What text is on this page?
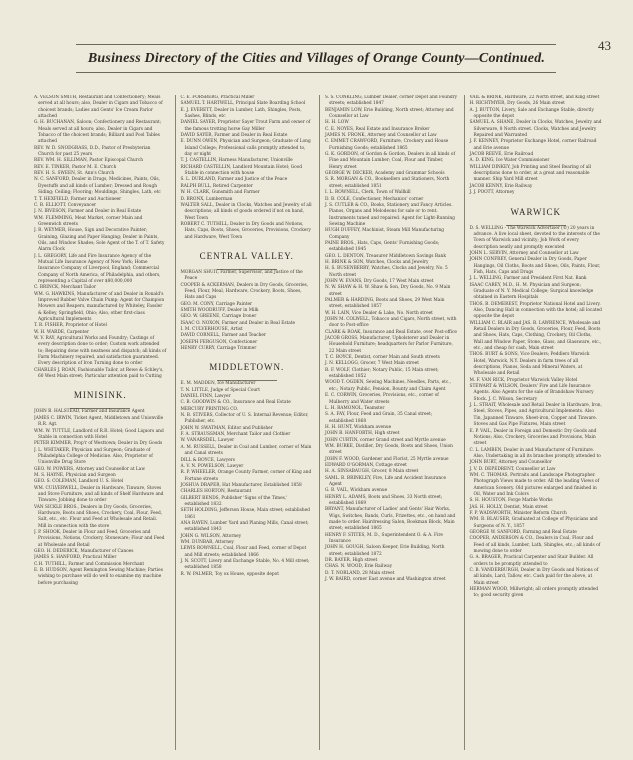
43
Business Directory of the Cities and Villages of Orange County—Continued.

A. VELSON SMITH, Restaurant and Confectionery; Meals served at all hours; also, Dealer in Cigars and Tobacco of choicest brands; Ladies and Gents' Ice Cream Parlor attached

G. H. BUCHANAN, Saloon; Confectionery and Restaurant; Meals served at all hours; also, Dealer in Cigars and Tobacco of the choicest brands; Billiard and Pool Tables attached

REV. W. D. SNODGRASS, D.D., Pastor of Presbyterian Church for past 25 years

REV. WM. H. SILLIMAN, Pastor Episcopal Church

REV. E. TINKER, Pastor M. E. Church

REV. H. S. SWEEN, St. Ann's Church

N. C. SANFORD, Dealer in Drugs, Medicines, Paints, Oils, Dyestuffs and all kinds of Lumber; Dressed and Rough Siding; Ceiling; Flooring; Mouldings, Shingles, Lath, etc

T. T. HEXFIELD, Farmer and Auctioneer

C. B. ELLIOTT, Conveyancer

J. N. IRVESON, Farmer and Dealer in Real Estate

WM. FLEMMING, Meat Market, corner Main and Greenwich streets

J. R. WEYMER, House, Sign and Decorative Painter; Graining, Glazing and Paper Hanging; Dealer in Paints, Oils, and Window Shades; Sole Agent of the T. of T. Safety Alarm Clock

J. L. GREGORY, Life and Fire Insurance Agency of the Mutual Life Insurance Agency of New York; Home Insurance Company of Liverpool, England; Commercial Company of North America, of Philadelphia, and others, representing a Capital of over $80,000,000

C. BRINCK, Merchant Tailor

WM. G. HAWKINS, Manufacturer of and Dealer in Ronald's Improved Rubber Valve Chain Pump; Agent for Champion Mowers and Reapers, manufactured by Whiteley, Fassler & Kelley, Springfield, Ohio; Also, other first-class Agricultural Implements

T. R. FISHER, Proprietor of Hotel

W. H. WARDE, Carpenter

W. V. RAY, Agricultural Works and Foundry; Castings of every description done to order; Custom work attended to; Repairing done with neatness and dispatch; all kinds of Farm Machinery repaired, and satisfaction guaranteed. Every description of Iron Turning done to order

CHARLES J. ROAN, Fashionable Tailor, at Rewe & Schley's, 60 West Main street; Particular attention paid to Cutting

MINISINK.

JOHN B. HALSTEAD, Farmer and Insurance Agent

JAMES C. IRWIN, Ticket Agent, Middletown and Unionville R.R. Agt.

WM. W. TUTTLE, Landlord of R.R. Hotel; Good Liquors and Stable in connection with Hotel

PETER KIMMER, Prop'r of Westtown; Dealer in Dry Goods

J. L. WHITAKER, Physician and Surgeon; Graduate of Philadelphia College of Medicine. Also, Proprietor of Unionville Drug Store

GEO. W. POWERS, Attorney and Counsellor at Law

M. S. HAYNE, Physician and Surgeon

GEO. S. COLEMAN, Landlord U. S. Hotel

WM. CULVERWELL, Dealer in Hardware, Tinware, Stoves and Stove Furniture, and all kinds of Shelf Hardware and Tinware; Jobbing done to order

VAN SICKLE BROS., Dealers in Dry Goods, Groceries, Hardware, Boots and Shoes, Crockery, Coal, Flour, Feed, Salt, etc., etc. Flour and Feed at Wholesale and Retail. Mill in connection with the store

J. P. SHOOK, Dealer in Flour and Feed, Groceries and Provisions, Notions, Crockery, Stoneware; Flour and Feed at Wholesale and Retail

GEO. H. DEDERICK, Manufacturer of Canoes

JAMES S. HANFORD, Practical Miller

C.H. TUTHILL, Farmer and Commission Merchant

E. B. HUDSON, Agent Remington Sewing Machine; Parties wishing to purchase will do well to examine my machine before purchasing

C. E. FORSBERG, Practical Miller

SAMUEL T. HARTWELL, Principal Slate Boarding School

E. J. EVERETT, Dealer in Lumber, Lath, Shingles, Posts, Sashes, Blinds, etc

DANIEL SAYER, Proprietor Sayer Trout Farm and owner of the famous trotting horse Gay Miller

DAVID SAYER, Farmer and Dealer in Real Estate

E. DUNN OWEN, Physician and Surgeon; Graduate of Long Island College; Professional calls promptly attended to, day or night

T. J. CASTELLIN, Harness Manufacturer, Unionville

RICHARD CASTELLIN, Landlord Mountain Hotel; Good Stable in connection with house

S. L. DURLAND, Farmer and Justice of the Peace

RALPH BULL, Retired Carpenter

W. H. CLARK, Gunsmith and Farmer

D. BRONX, Lumberman

WALTER SALL, Dealer in Clocks, Watches and Jewelry of all descriptions; all kinds of goods ordered if not on hand, West Town

ROBERT C. TUTHILL, Dealer in Dry Goods and Notions, Hats, Caps, Boots, Shoes, Groceries, Provisions, Crockery and Hardware, West Town

CENTRAL VALLEY.

MORGAN SHUIT, Farmer, Supervisor, and Justice of the Peace

COOPER & ACKERMAN, Dealers in Dry Goods, Groceries, Feed, Flour, Meal, Hardware, Crockery, Boots, Shoes, Hats and Caps

GEO. M. CONY, Carriage Painter

SMITH WOODRUFF, Dealer in Milk

GEO. W. GREENE, Carriage Ironer

ISAAC O. NOXON, Farmer and Dealer in Real Estate

I. M. CULVERHOUSE, Artist

DAVID CORNELL, Farmer and Teacher

JOSEPH FERGUSON, Confectioner

HENRY CURRY, Carriage Trimmer

MIDDLETOWN.

E. M. MADDEN, Ice Manufacturer

T. N. LITTLE, Judge of Special Court

DANIEL FINN, Lawyer

C. B. GOODWIN & CO., Insurance and Real Estate

MERCURY PRINTING CO.

N. B. STIVERS, Collector of U. S. Internal Revenue; Editor, Publisher, etc.

JOHN W. SWATMAN, Editor and Publisher

F. A. STRAUSSMAN, Merchant Tailor and Clothier

W. VANARSDEL, Lawyer

A. M. RUSSELL, Dealer in Coal and Lumber, corner of Main and Canal streets

DILL & BOYCE, Lawyers

A. V. N. POWELSON, Lawyer

R. P. WHEELER, Orange County Farmer, corner of King and Fortune streets

JOSHUA DRAPER, Hat Manufacturer, Established 1858

CHARLES HORTON, Restaurant

GILBERT BENDS, Publisher 'Signs of the Times,' established 1832

SETH HOLDING, Jefferson House, Main street; established 1861

ANA RAYEN, Lumber Yard and Planing Mills, Canal street; established 1843

JOHN G. WILSON, Attorney

WM. DUNBAR, Attorney

LEWIS ROWNELL, Coal, Flour and Feed, corner of Depot and Mill streets; established 1866

J. N. SCOTT, Livery and Exchange Stable, No. 4 Mill street; established 1858

R. W. PALMER, Toy ox House, opposite depot

S. S. CONKLING, Lumber Dealer, corner Depot and Foundry streets; established 1847

BENJAMIN LOW, Erie Building, North street; Attorney and Counsellor at Law

H. H. LOW

C. E. NOYES, Real Estate and Insurance Broker

JAMES N. FRONK, Attorney and Counsellor at Law

C. EMMET CRAWFORD, Furniture, Crockery and House Furnishing Goods; established 1865

G. K. GORDON, of Gordon & Gordon, Dealers in all kinds of Fine and Mountain Lumber; Coal, Flour and Timber, Henry street

GEORGE W. DECKER, Academy and Grammar Schools

S. R. MORGAN & CO., Booksellers and Stationers, North street; established 1851

I. L. ROWNELL, Clerk, Town of Wallkill

D. B. COLE, Confectioner, Mechanics' corner

J. S. CUTLER & CO., Books, Stationery and Fancy Articles. Pianos, Organs and Melodeons for sale or to rent. Instruments tuned and repaired. Agent for Light-Running Sewing Machine

HUGH DUFFEY, Machinist, Steam Mill Manufacturing Company

PAINE BROS., Hats, Caps, Gents' Furnishing Goods; established 1845

GEO. L. DENTON, Treasurer Middletown Savings Bank

H. BRINK & SON, Watches, Clocks and Jewelry

H. S. BUSENBERRY, Watches, Clocks and Jewelry, No. 5 North street

JOHN W. EVANS, Dry Goods, 17 West Main street

N. W. SHAW & H. W. Shaw & Son, Dry Goods, No. 9 Main street

PALMER & HARDING, Boots and Shoes, 29 West Main street; established 1857

W. H. LAIN, Vice Dealer & Lake, No. North street

JOHN M. COLWELL, Tobacco and Cigars, North street, with door to Post-office

CLARK & ROAK, Insurance and Real Estate, over Post-office

JACOB GROSS, Manufacturer, Upholsterer and Dealer in Household Furniture; headquarters for Parlor Furniture, 22 Main street

T. C. BOYCE, Dentist, corner Main and South streets

J. N. KELLOGG, Grocer, 7 West Main street

R. F. WOLF, Clothier; Notary Public, 15 Main street; established 1852

WOOD T. OGDEN, Sewing Machines, Needles, Parts, etc., etc.; Notary Public, Pension, Bounty and Claim Agent

E. C. CORWIN, Groceries, Provisions, etc., corner of Mulberry and Water streets

L. H. RAMONOL, Teamster

S. A. FAY, Flour, Feed and Grain, 35 Canal street; established 1868

H. H. HUNT, Wickham avenue

JOHN B. HANFORTH, High street

JOHN CURTIN, corner Grand street and Myrtle avenue

WM. BURKE, Distiller, Dry Goods, Boots and Shoes, Union street

JOHN F. WOOD, Gardener and Florist, 25 Myrtle avenue

EDWARD O'GORMAN, Cottage street

H. A. SINSABAUGH, Grocer, 8 Main street

SAML. B. BRINKLEY, Fire, Life and Accident Insurance Agent

G. B. VAIL, Wickham avenue

HENRY L. ADAMS, Boots and Shoes, 33 North street; established 1869

BRYANT, Manufacturer of Ladies' and Gents' Hair Works, Wigs, Switches, Bands, Curls, Frizettes, etc., on hand and made to order. Hairdressing Salon, Bookman Block, Main street; established 1865

HENRY F. STITES, M. D., Superintendent O. & A. Fire Insurance

JOHN H. GOUGH, Saloon Keeper, Erie Building, North street; established 1872

DR. BAYER, High street

CHAS. N. WOOD, Erie Railway

D. T. NORLAND, 28 Main street

J. W. BAIRD, corner East avenue and Washington street

VAIL & BRINK, Hardware, 22 North street, and King street

H. RICHTMYER, Dry Goods, 26 Main street

A. J. BUTTON, Livery, Sale and Exchange Stable, directly opposite the depot

SAMUEL A. SHANE, Dealer in Clocks, Watches, Jewelry and Silverware, 8 North street. Clocks, Watches and Jewelry Repaired and Warranted

J. F. KENNEY, Proprietor Exchange Hotel, corner Railroad and Erie avenue

JACOB REEVE, Erie Railroad

A. D. KING, Ice Water Commissioner

WILLIAM DINKEY, Job Printing and Steel Bearing of all descriptions done to order, at a great and reasonable manner. Ship Yard Mill street

JACOB KENNY, Erie Railway

J. J. POOTT, Attorney

WARWICK

D. S. WELLING - The Warwick Advertiser (©) 20 years in advance. A live local sheet, devoted to the interests of the Town of Warwick and vicinity; Job Work of every description neatly and promptly executed

JOHN L. SERVIN, Attorney and Counsellor at Law

JOHN CONFREY, General Dealer in Dry Goods, Paper Hangings, Oil Cloths, Boots and Shoes, Oils, Paints, Flour, Fish, Hats, Caps and Drugs

J. L. WELLING, Farmer and President First Nat. Bank

ISAAC CAREY, M.D., H. M. Physician and Surgeon; Graduate of N. Y. Medical College; Surgical knowledge obtained in Eastern Hospitals

THOS. B. DEMEREST, Proprietor National Hotel and Livery. Also, Dancing Hall in connection with the hotel; all located opposite the depot

WILLIAM C. BLAIR and JAS. B. LAWRENCE, Wholesale and Retail Dealers in Dry Goods, Groceries, Flour, Feed, Boots and Shoes, Hats, Caps, Clothing, Crockery, Oil Cloths, Wall and Window Paper, Stone, Glass, and Glassware, etc., etc.; and cheap for cash, Main street

THOS. BURT & SONS, Vice Dealers; Peddlers Warwick Hotel, Warwick, N.Y. Dealers in farm trees of all descriptions, Pianos, Soda and Mineral Waters, at Wholesale and Retail

M. F. VAN RICK, Proprietor Warwick Valley Hotel

STEWART & WILSON, Dealers' Fire and Life Insurance Agents. Also Agents for the sale of Brandshaw Nursery Stock. J. C. Wilson, Secretary

J. L. STRAIT, Wholesale and Retail Dealer in Hardware, Iron, Steel, Stoves, Pipes, and Agricultural Implements. Also Tin, Japanned Tinware, Sheet-iron, Copper and Tinware. Stoves and Gas Pipe Fixtures, Main street

E. P. VAIL, Dealer in Foreign and Domestic Dry Goods and Notions; Also, Crockery, Groceries and Provisions, Main street

C. L. LAMBEN, Dealer in and Manufacturer of Furniture. Also, Undertaking in all its branches promptly attended to

JOHN BURT, Attorney and Counsellor

J. V. D. DEPEDRENT, Counsellor at Law

WM. C. THOMAS, Portraits and Landscape Photographer. Photograph Views made to order. All the leading Views of American Scenery. Old pictures enlarged and finished in Oil, Water and Ink Colors

S. H. HOUSTON, Forge Marble Works

JAS. H. HOLLY, Dentist, Main street

F. P. WADSWORTH, Minister Reform Church

WM. B. BLAUSER, Graduated at College of Physicians and Surgeons of N. Y., 1857

GEORGE W. SANFORD, Farming and Real Estate

COOPER, ANDERSON & CO., Dealers in Coal, Flour and Feed of all kinds, Lumber, Lath, Shingles, etc.; all kinds of mowing done to order

G. A. BRAGER, Practical Carpenter and Stair Builder. All orders to be promptly attended to

C. B. VANDERBURGH, Dealer in Dry Goods and Notions of all kinds, Lard, Tallow, etc. Cash paid for the above, at Main street

HERMAN WOOD, Millwright; all orders promptly attended to; good security given
